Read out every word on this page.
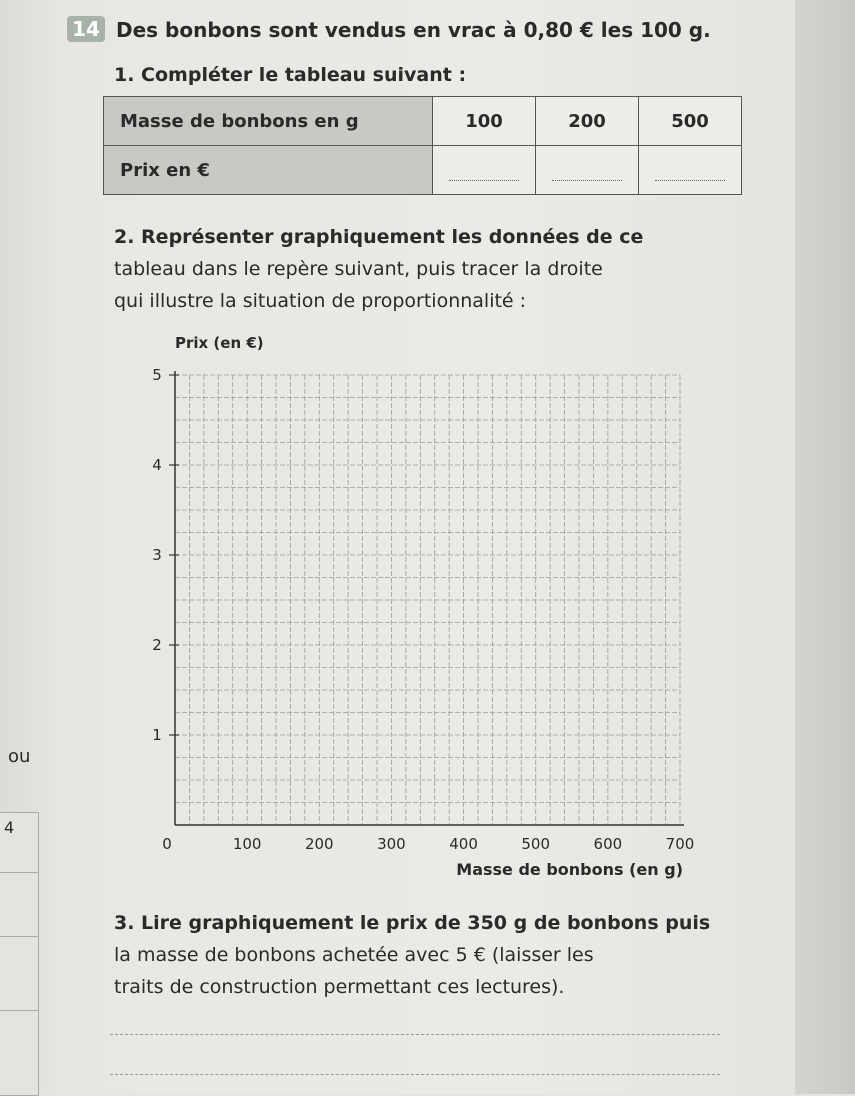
14 Des bonbons sont vendus en vrac à 0,80 € les 100 g.
1. Compléter le tableau suivant :
Masse de bonbons en g	100	200	500
Prix en €			
2. Représenter graphiquement les données de ce
tableau dans le repère suivant, puis tracer la droite
qui illustre la situation de proportionnalité :
Prix (en €)
Masse de bonbons (en g)
0	100	200	300	400	500	600	700
1
2
3
4
5
ou
4
3. Lire graphiquement le prix de 350 g de bonbons puis
la masse de bonbons achetée avec 5 € (laisser les
traits de construction permettant ces lectures).
